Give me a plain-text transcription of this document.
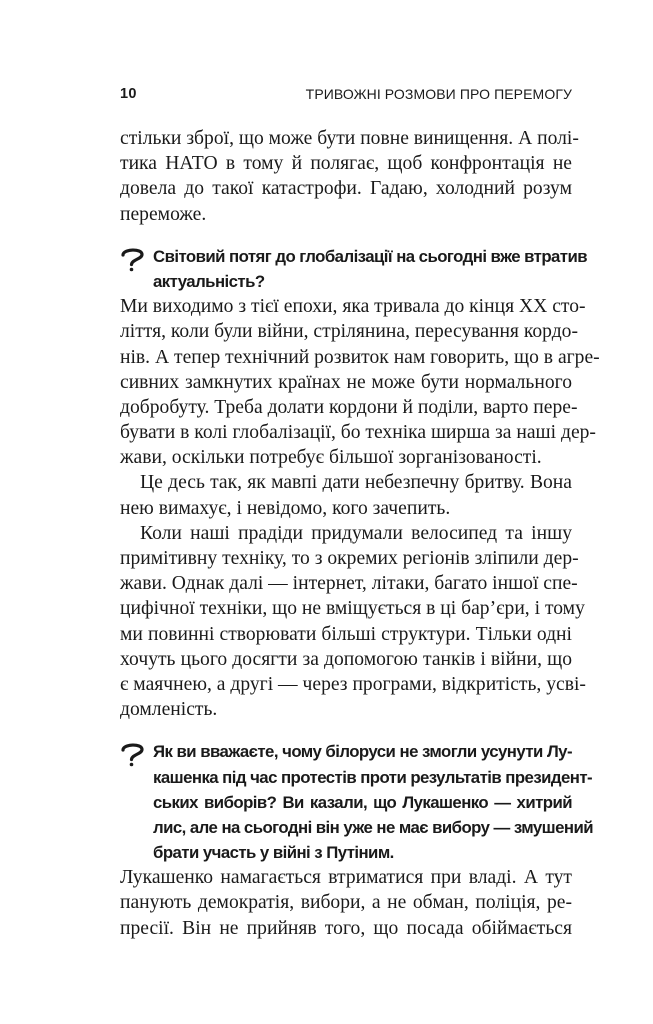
10	ТРИВОЖНІ РОЗМОВИ ПРО ПЕРЕМОГУ
стільки зброї, що може бути повне винищення. А полі-
тика НАТО в тому й полягає, щоб конфронтація не
довела до такої катастрофи. Гадаю, холодний розум
переможе.
Світовий потяг до глобалізації на сьогодні вже втратив
актуальність?
Ми виходимо з тієї епохи, яка тривала до кінця ХХ сто-
ліття, коли були війни, стрілянина, пересування кордо-
нів. А тепер технічний розвиток нам говорить, що в агре-
сивних замкнутих країнах не може бути нормального
добробуту. Треба долати кордони й поділи, варто пере-
бувати в колі глобалізації, бо техніка ширша за наші дер-
жави, оскільки потребує більшої зорганізованості.
Це десь так, як мавпі дати небезпечну бритву. Вона
нею вимахує, і невідомо, кого зачепить.
Коли наші прадіди придумали велосипед та іншу
примітивну техніку, то з окремих регіонів зліпили дер-
жави. Однак далі — інтернет, літаки, багато іншої спе-
цифічної техніки, що не вміщується в ці бар’єри, і тому
ми повинні створювати більші структури. Тільки одні
хочуть цього досягти за допомогою танків і війни, що
є маячнею, а другі — через програми, відкритість, усві-
домленість.
Як ви вважаєте, чому білоруси не змогли усунути Лу-
кашенка під час протестів проти результатів президент-
ських виборів? Ви казали, що Лукашенко — хитрий
лис, але на сьогодні він уже не має вибору — змушений
брати участь у війні з Путіним.
Лукашенко намагається втриматися при владі. А тут
панують демократія, вибори, а не обман, поліція, ре-
пресії. Він не прийняв того, що посада обіймається
